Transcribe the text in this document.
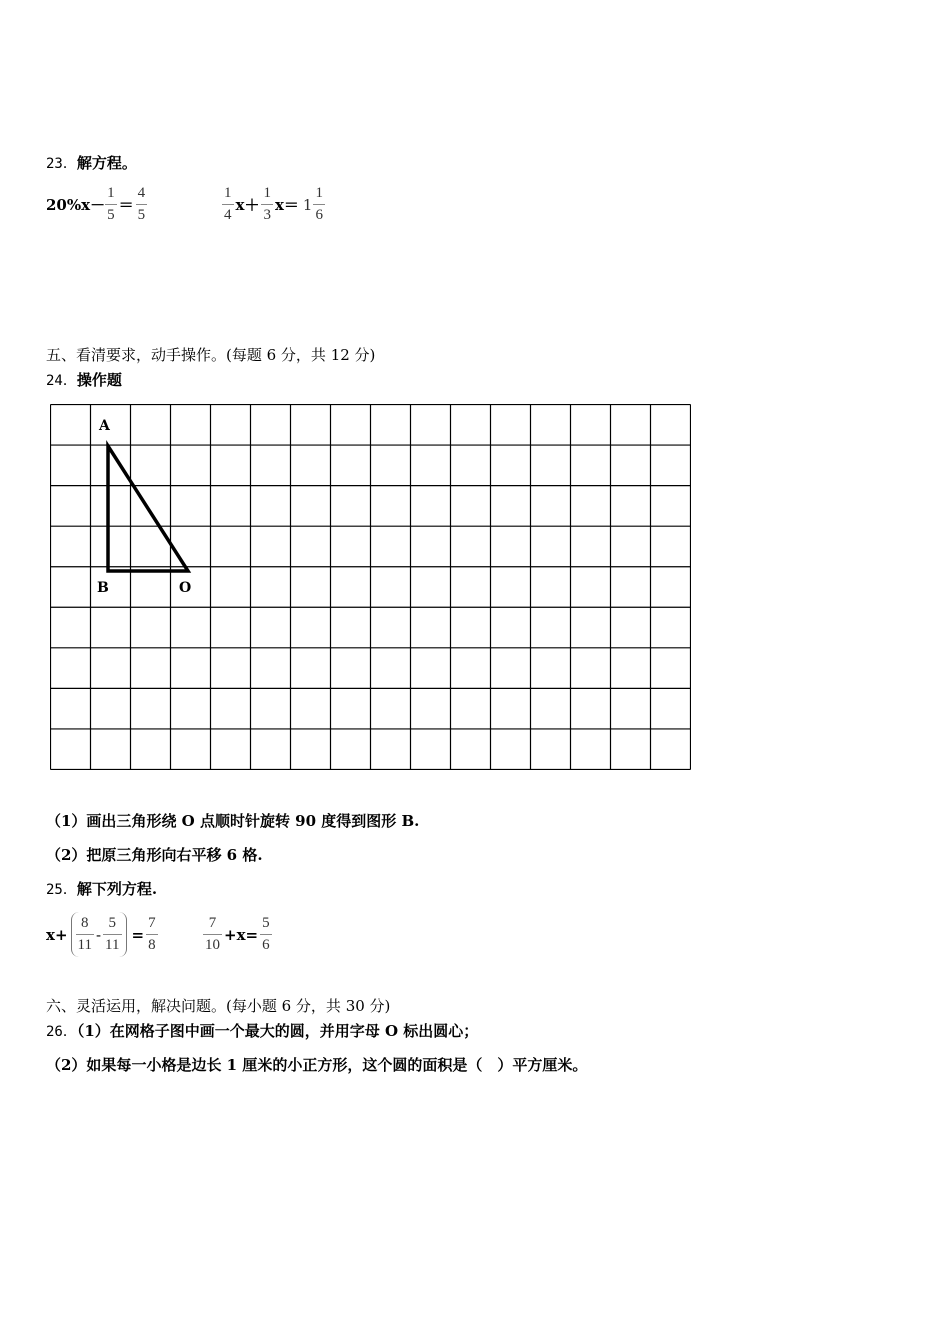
23．解方程。
$20\%x- \frac{1}{5} = \frac{4}{5}$	$\frac{1}{4} x+ \frac{1}{3} x= 1 \frac{1}{6}$
五、看清要求，动手操作。(每题 6 分，共 12 分)
24．操作题
A
B	O
（1）画出三角形绕 O 点顺时针旋转 90 度得到图形 B.
（2）把原三角形向右平移 6 格.
25．解下列方程.
$x+ \frac{8}{11} - \frac{5}{11} = \frac{7}{8}$	$\frac{7}{10} +x= \frac{5}{6}$
六、灵活运用，解决问题。(每小题 6 分，共 30 分)
26．（1）在网格子图中画一个最大的圆，并用字母 O 标出圆心；
（2）如果每一小格是边长 1 厘米的小正方形，这个圆的面积是（　）平方厘米。
